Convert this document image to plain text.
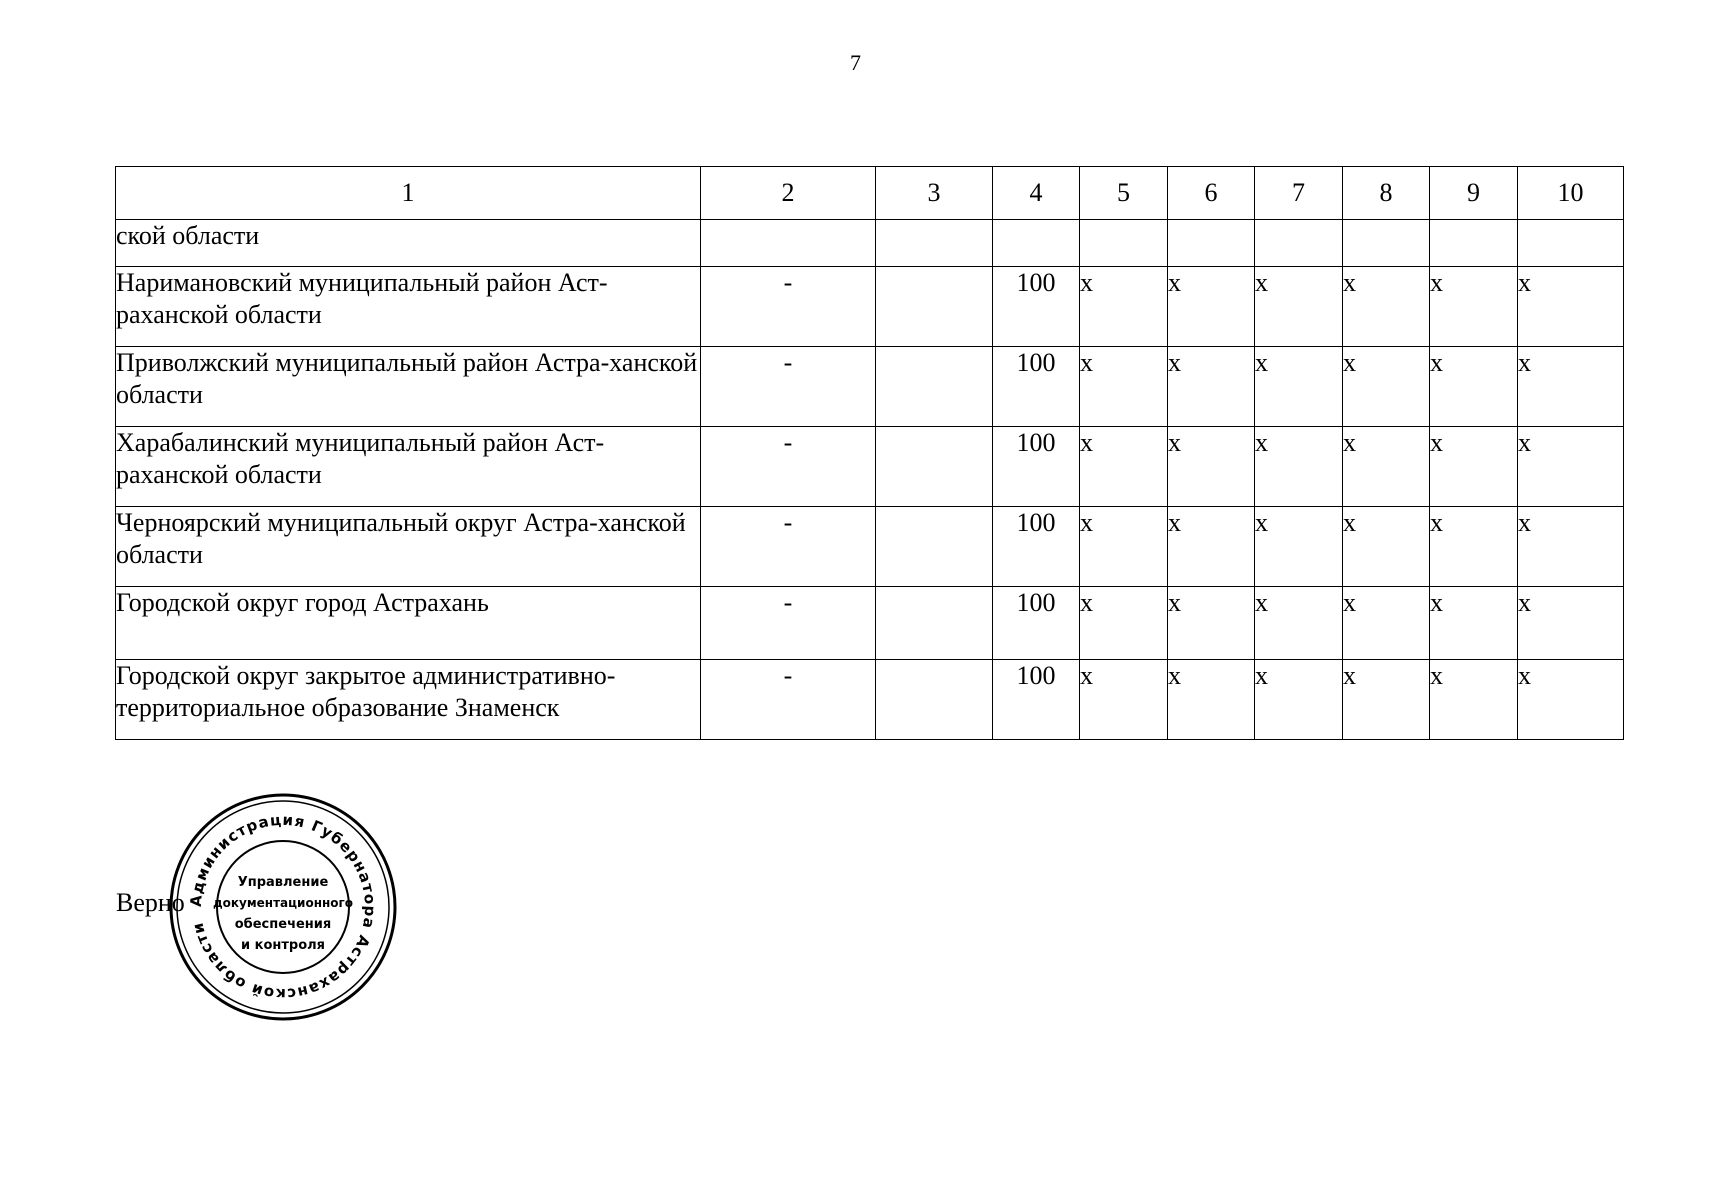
7
1	2	3	4	5	6	7	8	9	10
ской области									
Наримановский муниципальный район Аст-раханской области	-		100	x	x	x	x	x	x
Приволжский муниципальный район Астра-ханской области	-		100	x	x	x	x	x	x
Харабалинский муниципальный район Аст-раханской области	-		100	x	x	x	x	x	x
Черноярский муниципальный округ Астра-ханской области	-		100	x	x	x	x	x	x
Городской округ город Астрахань	-		100	x	x	x	x	x	x
Городской округ закрытое административно-территориальное образование Знаменск	-		100	x	x	x	x	x	x
Верно Администрация Губернатора Астраханской области
Управление
документационного
обеспечения
и контроля
